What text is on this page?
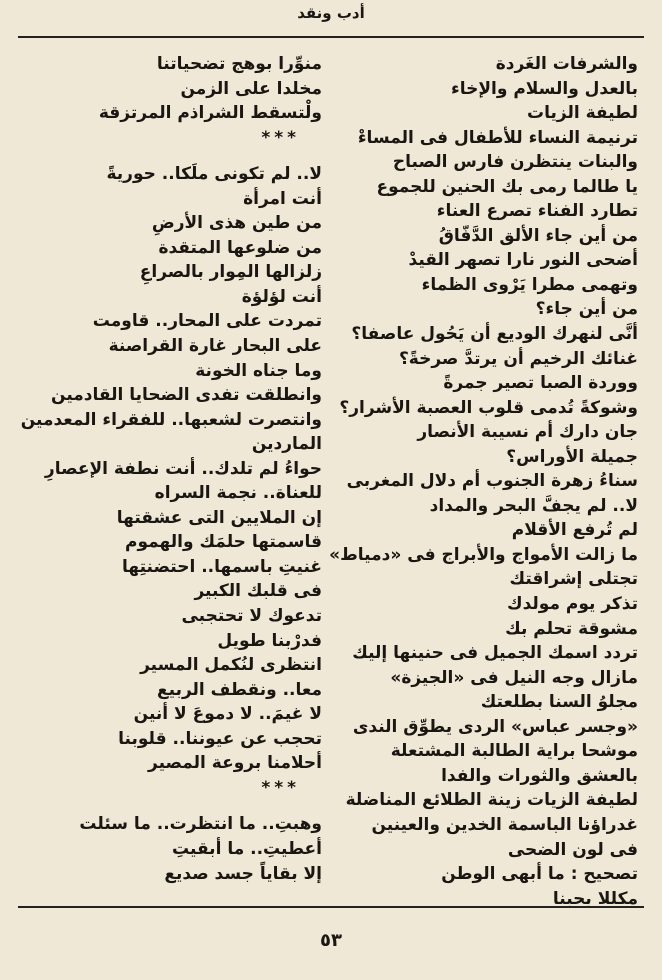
أدب ونقد
والشرفات الغَردة
بالعدل والسلام والإخاء
لطيفة الزيات
ترنيمة النساء للأطفال فى المساءْ
والبنات ينتظرن فارس الصباح
يا طالما رمى بك الحنين للجموع
تطارد الفناء تصرع العناء
من أين جاء الألق الدَّفّاقُ
أضحى النور نارا تصهر القيدْ
وتهمى مطرا يَرْوى الظماء
من أين جاء؟
أنَّى لنهرك الوديع أن يَحُول عاصفا؟
غنائك الرخيم أن يرتدَّ صرخةً؟
ووردة الصبا تصير جمرةً
وشوكةً تُدمى قلوب العصبة الأشرار؟
جان دارك أم نسيبة الأنصار
جميلة الأوراس؟
سناءُ زهرة الجنوب أم دلال المغربى
لا.. لم يجفَّ البحر والمداد
لم تُرفع الأقلام
ما زالت الأمواج والأبراج فى «دمياط»
تجتلى إشراقتك
تذكر يوم مولدك
مشوقة تحلم بك
تردد اسمك الجميل فى حنينها إليك
مازال وجه النيل فى «الجيزة»
مجلوُ السنا بطلعتك
«وجسر عباس» الردى يطوِّق الندى
موشحا براية الطالبة المشتعلة
بالعشق والثورات والفدا
لطيفة الزيات زينة الطلائع المناضلة
غدراؤنا الباسمة الخدين والعينين
فى لون الضحى
تصحيح : ما أبهى الوطن
مكللا بحبنا
منوِّرا بوهج تضحياتنا
مخلدا على الزمن
ولْتسقط الشراذم المرتزقة
***
لا.. لم تكونى ملَكا.. حوريةً
أنت امرأة
من طين هذى الأرضِ
من ضلوعها المتقدة
زلزالها المِوار بالصراعِ
أنت لؤلؤة
تمردت على المحار.. قاومت
على البحار غارة القراصنة
وما جناه الخونة
وانطلقت تفدى الضحايا القادمين
وانتصرت لشعبها.. للفقراء المعدمين
الماردين
حواءُ لم تلدك.. أنت نطفة الإعصارِ
للعناة.. نجمة السراه
إن الملايين التى عشقتها
قاسمتها حلمَك والهموم
غنيتِ باسمها.. احتضنتِها
فى قلبك الكبير
تدعوك لا تحتجبى
فدرْبنا طويل
انتظرى لنُكمل المسير
معا.. ونقطف الربيع
لا غيمَ.. لا دموعَ لا أنين
تحجب عن عيوننا.. قلوبنا
أحلامنا بروعة المصير
***
وهبتِ.. ما انتظرت.. ما سئلت
أعطيتِ.. ما أبقيتِ
إلا بقاياً جسد صديع
٥٣
